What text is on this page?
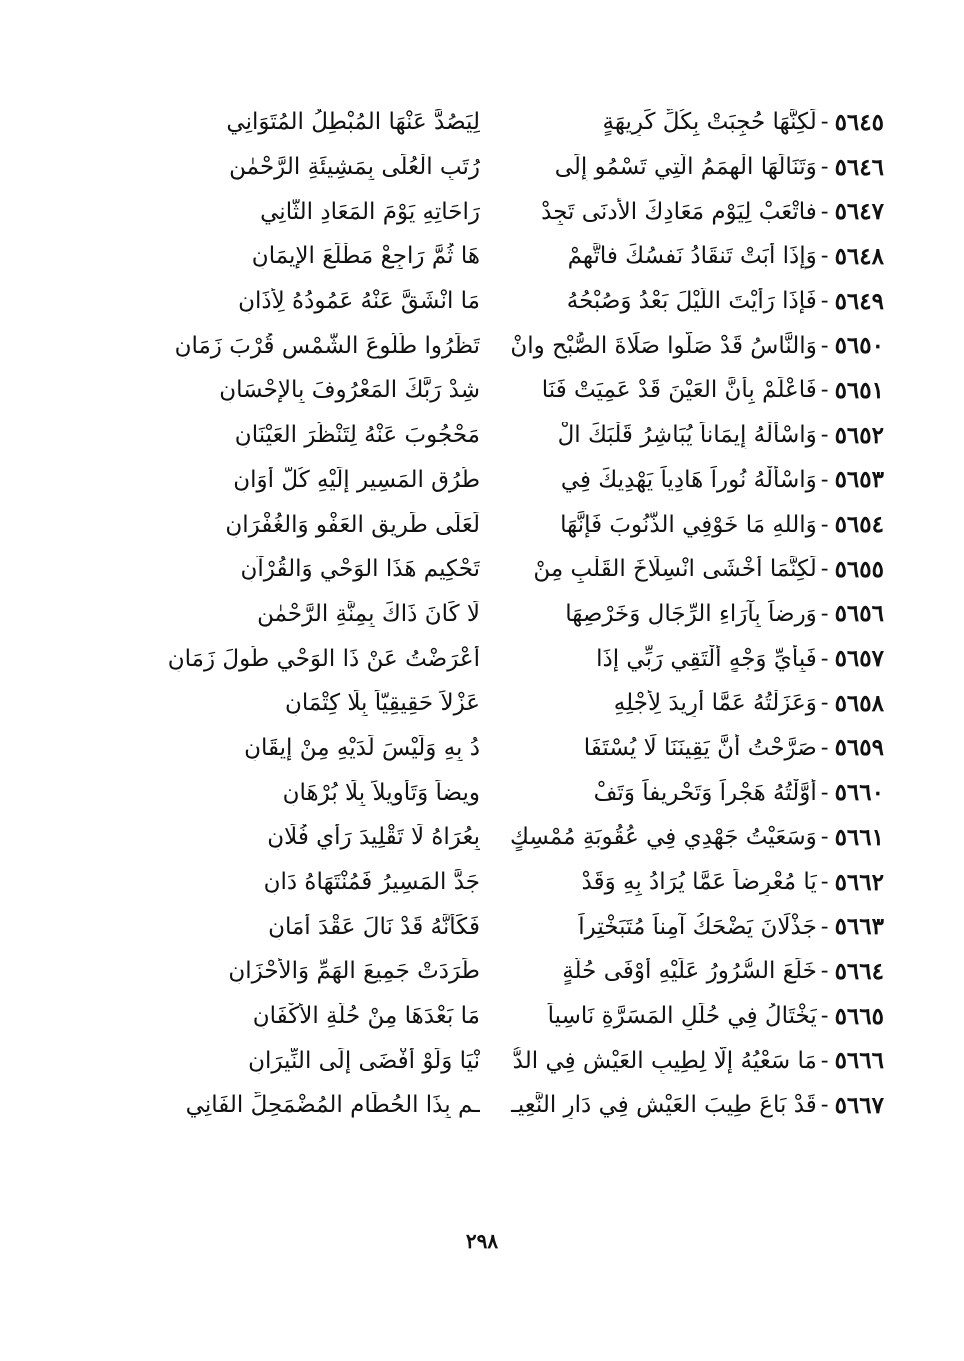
٥٦٤٥
-
لَكِنَّهَا حُجِبَتْ بِكُلِّ كَرِيهَةٍ
لِيَصُدَّ عَنْهَا المُبْطِلُ المُتَوَانِي
٥٦٤٦
-
وَتَنَالَهَا الْهِمَمُ الَّتِي تَسْمُو إِلَى
رُتَبِ الْعُلَى بِمَشِيئَةِ الرَّحْمٰنِ
٥٦٤٧
-
فاتْعَبْ لِيَوْمِ مَعَادِكَ الأَدنَى تَجِدْ
رَاحَاتِهِ يَوْمَ المَعَادِ الثَّانِي
٥٦٤٨
-
وَإِذَا أَبَتْ تَنقَادُ نَفسُكَ فاتَّهِمْ
هَا ثُمَّ رَاجِعْ مَطْلَعَ الإِيمَانِ
٥٦٤٩
-
فَإِذَا رَأَيْتَ اللَّيْلَ بَعْدُ وَصُبْحُهُ
مَا انْشَقَّ عَنْهُ عَمُودُهُ لِأَذَانِ
٥٦٥٠
-
وَالنَّاسُ قَدْ صَلَّوا صَلَاةَ الصُّبْحِ وانْ
تَظَرُوا طُلُوعَ الشَّمْسِ قُرْبَ زَمَانِ
٥٦٥١
-
فَاعْلَمْ بِأَنَّ العَيْنَ قَدْ عَمِيَتْ فَنَا
شِدْ رَبَّكَ المَعْرُوفَ بِالإِحْسَانِ
٥٦٥٢
-
وَاسْأَلْهُ إِيمَاناً يُبَاشِرُ قَلْبَكَ الْ
مَحْجُوبَ عَنْهُ لِتَنْظُرَ العَيْنَانِ
٥٦٥٣
-
وَاسْأَلْهُ نُوراً هَادِياً يَهْدِيكَ فِي
طُرُقِ المَسِيرِ إِلَيْهِ كُلَّ أَوَانِ
٥٦٥٤
-
وَاللهِ مَا خَوْفِي الذُّنُوبَ فَإِنَّهَا
لَعَلَى طَرِيقِ العَفْوِ وَالغُفْرَانِ
٥٦٥٥
-
لَكِنَّمَا أَخْشَى انْسِلَاخَ القَلْبِ مِنْ
تَحْكِيمِ هَذَا الوَحْيِ وَالقُرْآنِ
٥٦٥٦
-
وَرِضاً بِآرَاءِ الرِّجَالِ وَخَرْصِهَا
لَا كَانَ ذَاكَ بِمِنَّةِ الرَّحْمٰنِ
٥٦٥٧
-
فَبِأَيِّ وَجْهٍ أَلْتَقِي رَبِّي إِذَا
أَعْرَضْتُ عَنْ ذَا الوَحْيِ طُولَ زَمَانِ
٥٦٥٨
-
وَعَزَلْتُهُ عَمَّا أُرِيدَ لِأَجْلِهِ
عَزْلاً حَقِيقِيّاً بِلَا كِتْمَانِ
٥٦٥٩
-
صَرَّحْتُ أَنَّ يَقِينَنَا لَا يُسْتَفَا
دُ بِهِ وَلَيْسَ لَدَيْهِ مِنْ إِيقَانِ
٥٦٦٠
-
أَوَّلْتُهُ هَجْراً وَتَحْرِيفاً وَتَفْ
وِيضاً وَتَأْوِيلاً بِلَا بُرْهَانِ
٥٦٦١
-
وَسَعَيْتُ جَهْدِي فِي عُقُوبَةِ مُمْسِكٍ
بِعُرَاهُ لَا تَقْلِيدَ رَأْيِ فُلَانِ
٥٦٦٢
-
يَا مُعْرِضاً عَمَّا يُرَادُ بِهِ وَقَدْ
جَدَّ المَسِيرُ فَمُنْتَهَاهُ دَانِ
٥٦٦٣
-
جَذْلَانَ يَضْحَكُ آمِناً مُتَبَخْتِراً
فَكَأَنَّهُ قَدْ نَالَ عَقْدَ أَمَانِ
٥٦٦٤
-
خَلَعَ السُّرُورُ عَلَيْهِ أَوْفَى حُلَّةٍ
طَرَدَتْ جَمِيعَ الهَمِّ وَالأَحْزَانِ
٥٦٦٥
-
يَخْتَالُ فِي حُلَلِ المَسَرَّةِ نَاسِياً
مَا بَعْدَهَا مِنْ حُلَّةِ الأَكْفَانِ
٥٦٦٦
-
مَا سَعْيُهُ إِلَّا لِطِيبِ العَيْشِ فِي الدُّ
نْيَا وَلَوْ أَفْضَى إِلَى النِّيرَانِ
٥٦٦٧
-
قَدْ بَاعَ طِيبَ العَيْشِ فِي دَارِ النَّعِيـ
ـمِ بِذَا الحُطَامِ المُضْمَحِلِّ الفَانِي
٢٩٨
